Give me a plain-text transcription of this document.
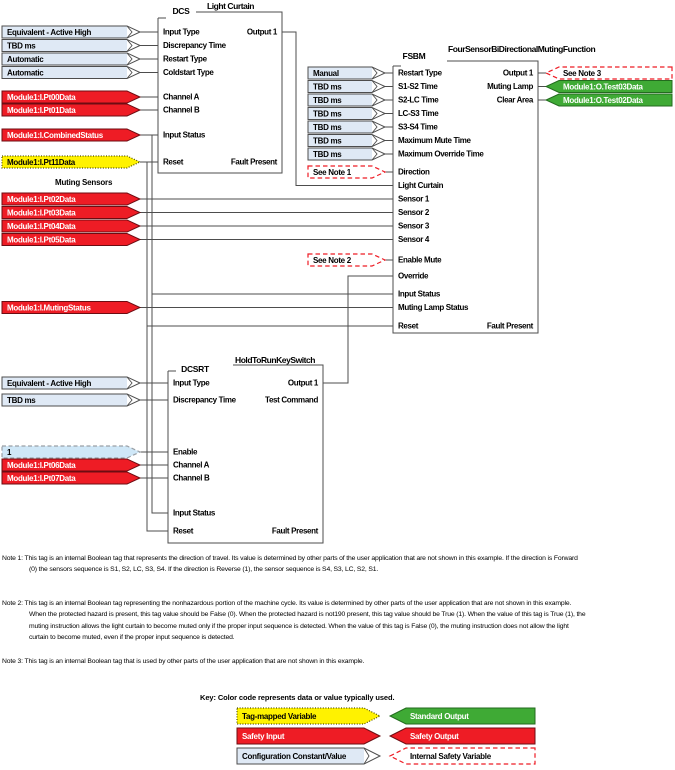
DCS Light Curtain
Input Type
Discrepancy Time
Restart Type
Coldstart Type
Channel A
Channel B
Input Status
Reset
Output 1
Fault Present
FSBM
FourSensorBiDirectionalMutingFunction
Restart Type
S1-S2 Time
S2-LC Time
LC-S3 Time
S3-S4 Time
Maximum Mute Time
Maximum Override Time
Direction
Light Curtain
Sensor 1
Sensor 2
Sensor 3
Sensor 4
Enable Mute
Override
Input Status
Muting Lamp Status
Reset
Output 1
Muting Lamp
Clear Area
Fault Present
DCSRT
HoldToRunKeySwitch
Input Type
Discrepancy Time
Enable
Channel A
Channel B
Input Status
Reset
Output 1
Test Command
Fault Present
Equivalent - Active High
TBD ms
Automatic
Automatic
Module1:I.Pt00Data
Module1:I.Pt01Data
Module1:I.CombinedStatus
Module1:I.Pt11Data
Module1:I.Pt02Data
Module1:I.Pt03Data
Module1:I.Pt04Data
Module1:I.Pt05Data
Module1:I.MutingStatus
Manual
TBD ms
TBD ms
TBD ms
TBD ms
TBD ms
TBD ms
See Note 1
See Note 2
See Note 3
Module1:O.Test03Data
Module1:O.Test02Data
Equivalent - Active High
TBD ms
1
Module1:I.Pt06Data
Module1:I.Pt07Data
Tag-mapped Variable
Safety Input
Configuration Constant/Value
Standard Output
Safety Output
Internal Safety Variable
Muting Sensors
Key: Color code represents data or value typically used.
Note 1: This tag is an internal Boolean tag that represents the direction of travel. Its value is determined by other parts of the user application that are not shown in this example. If the direction is Forward
(0) the sensors sequence is S1, S2, LC, S3, S4. If the direction is Reverse (1), the sensor sequence is S4, S3, LC, S2, S1.
Note 2: This tag is an internal Boolean tag representing the nonhazardous portion of the machine cycle. Its value is determined by other parts of the user application that are not shown in this example.
When the protected hazard is present, this tag value should be False (0). When the protected hazard is not190 present, this tag value should be True (1). When the value of this tag is True (1), the
muting instruction allows the light curtain to become muted only if the proper input sequence is detected. When the value of this tag is False (0), the muting instruction does not allow the light
curtain to become muted, even if the proper input sequence is detected.
Note 3: This tag is an internal Boolean tag that is used by other parts of the user application that are not shown in this example.
